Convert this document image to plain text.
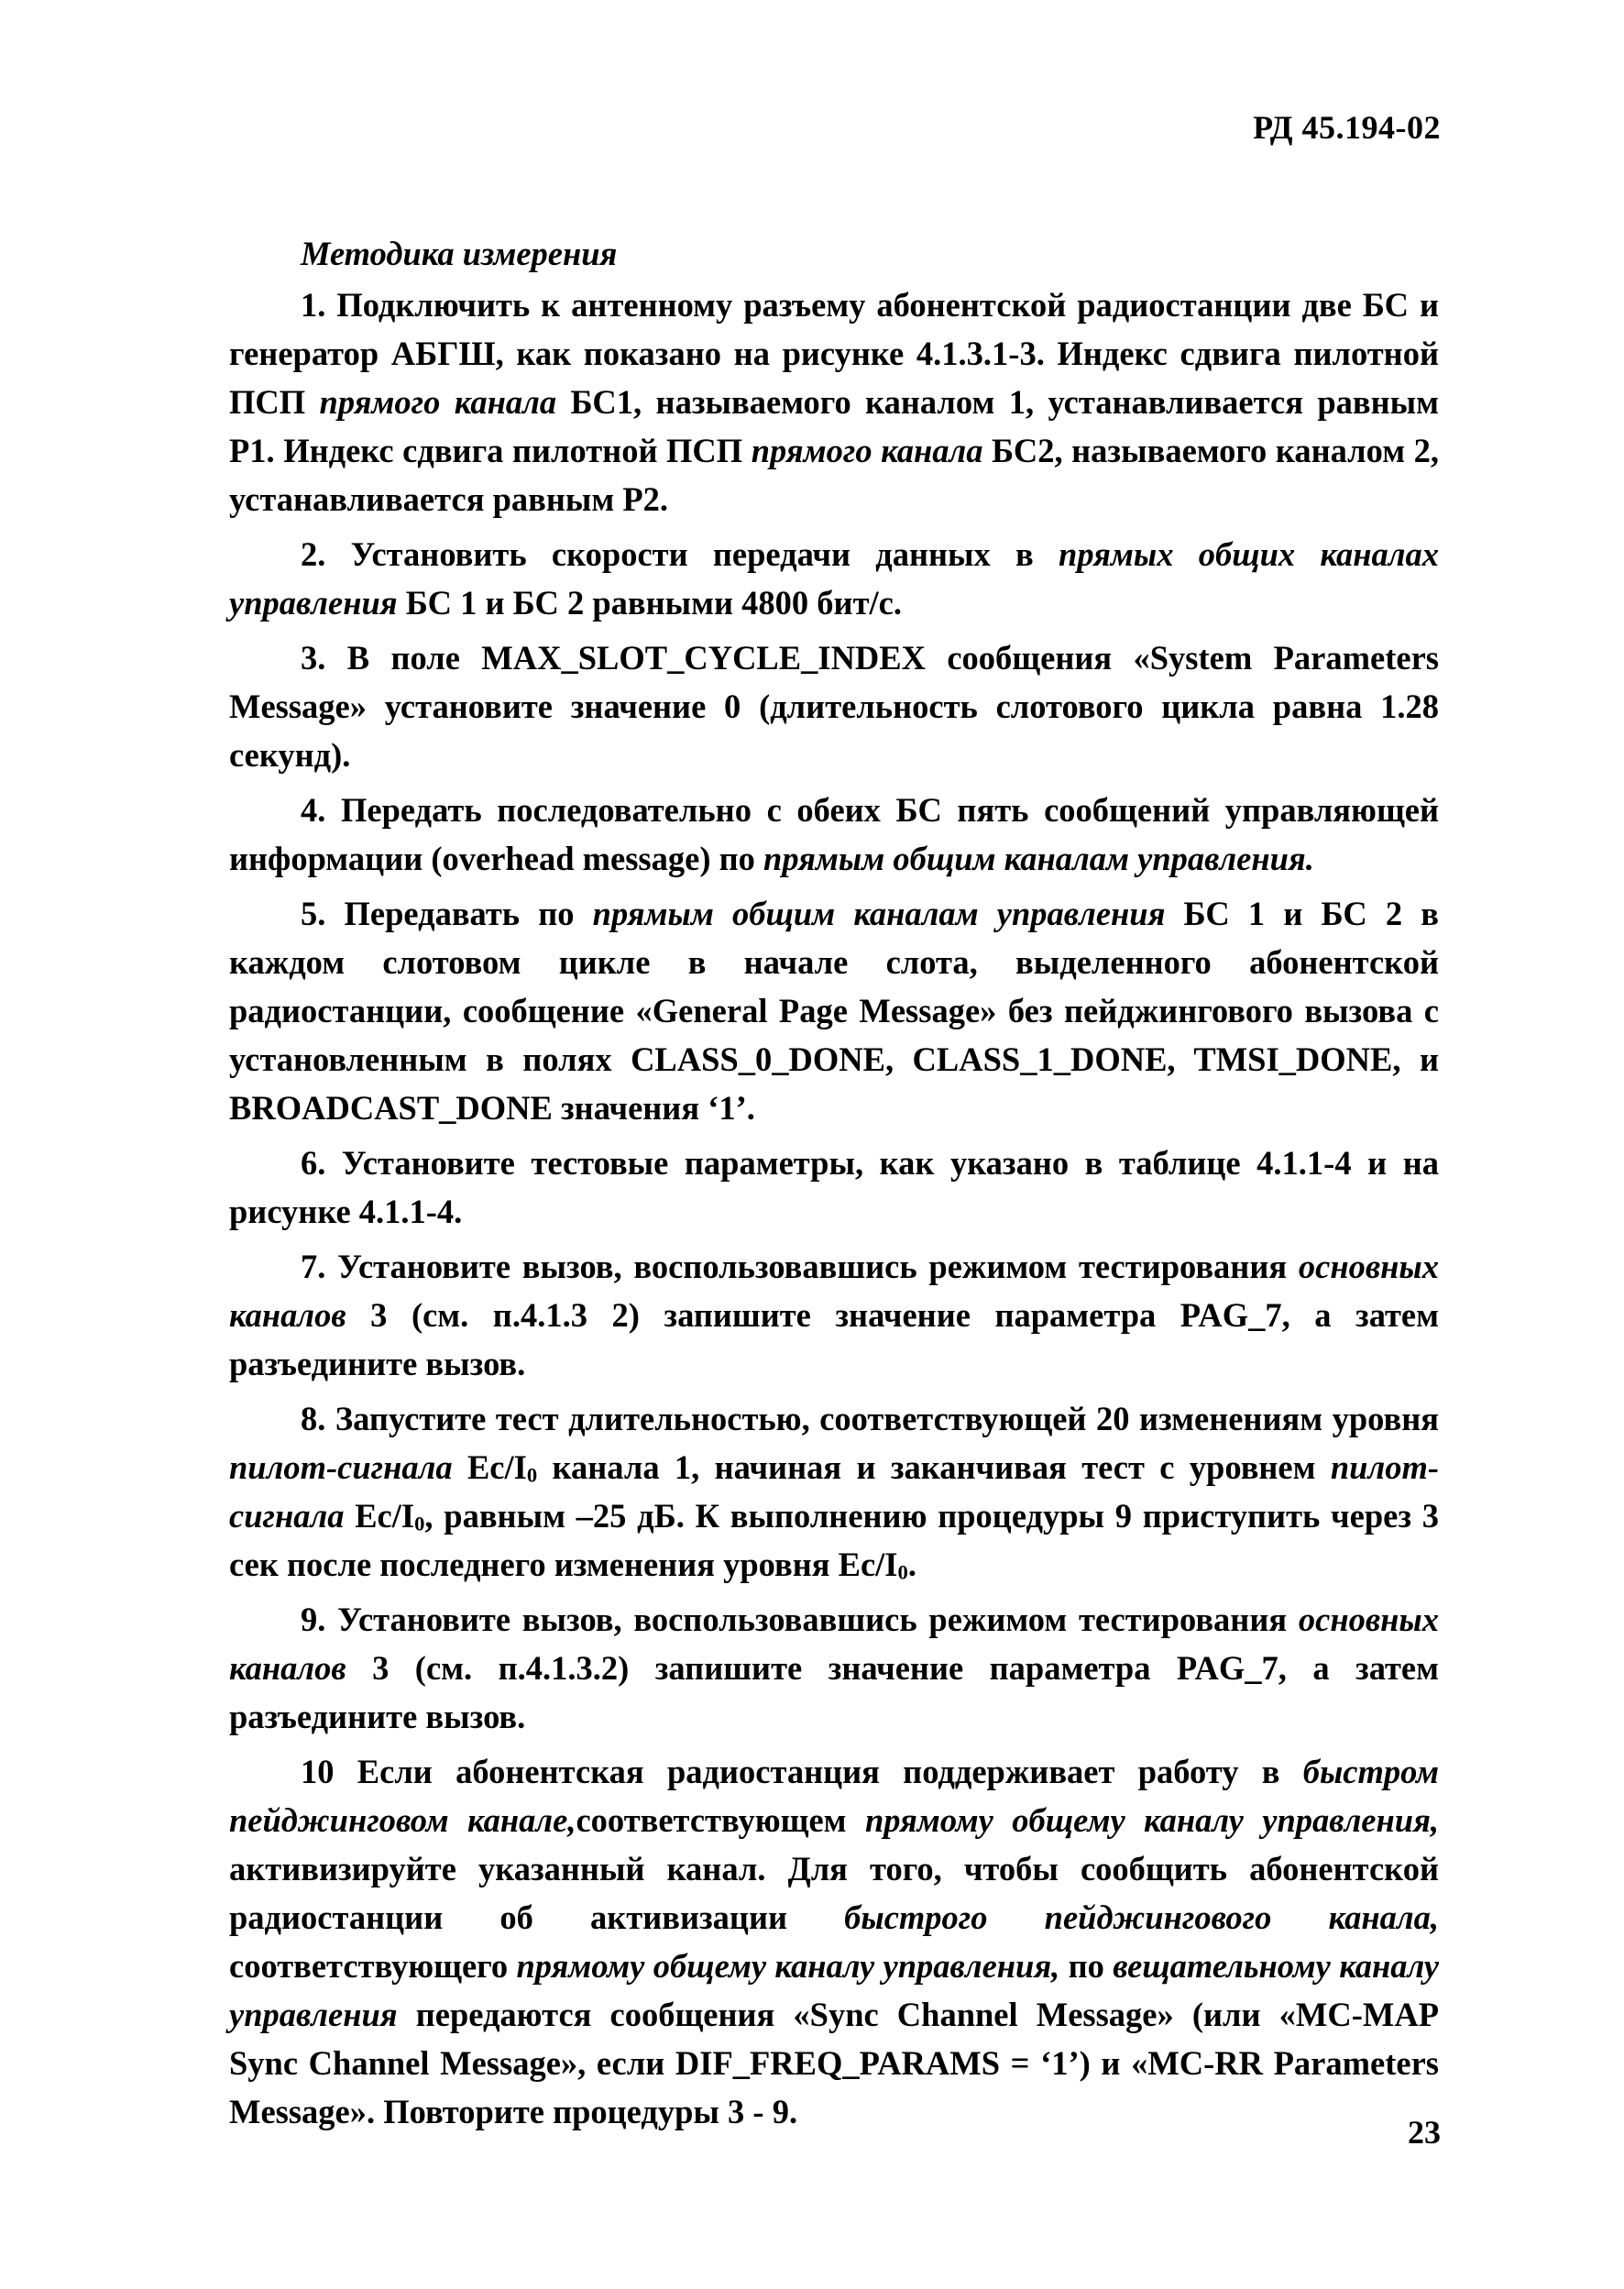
РД 45.194-02

Методика измерения

1. Подключить к антенному разъему абонентской радиостанции две БС и генератор АБГШ, как показано на рисунке 4.1.3.1-3. Индекс сдвига пилотной ПСП прямого канала БС1, называемого каналом 1, устанавливается равным P1. Индекс сдвига пилотной ПСП прямого канала БС2, называемого каналом 2, устанавливается равным P2.

2. Установить скорости передачи данных в прямых общих каналах управления БС 1 и БС 2 равными 4800 бит/с.

3. В поле MAX_SLOT_CYCLE_INDEX сообщения «System Parameters Message» установите значение 0 (длительность слотового цикла равна 1.28 секунд).

4. Передать последовательно с обеих БС пять сообщений управляющей информации (overhead message) по прямым общим каналам управления.

5. Передавать по прямым общим каналам управления БС 1 и БС 2 в каждом слотовом цикле в начале слота, выделенного абонентской радиостанции, сообщение «General Page Message» без пейджингового вызова с установленным в полях CLASS_0_DONE, CLASS_1_DONE, TMSI_DONE, и BROADCAST_DONE значения ‘1’.

6. Установите тестовые параметры, как указано в таблице 4.1.1-4 и на рисунке 4.1.1-4.

7. Установите вызов, воспользовавшись режимом тестирования основных каналов 3 (см. п.4.1.3 2) запишите значение параметра PAG_7, а затем разъедините вызов.

8. Запустите тест длительностью, соответствующей 20 изменениям уровня пилот-сигнала $Ec/I_0$ канала 1, начиная и заканчивая тест с уровнем пилот-сигнала $Ec/I_0$, равным –25 дБ. К выполнению процедуры 9 приступить через 3 сек после последнего изменения уровня $Ec/I_0$.

9. Установите вызов, воспользовавшись режимом тестирования основных каналов 3 (см. п.4.1.3.2) запишите значение параметра PAG_7, а затем разъедините вызов.

10 Если абонентская радиостанция поддерживает работу в быстром пейджинговом канале,соответствующем прямому общему каналу управления, активизируйте указанный канал. Для того, чтобы сообщить абонентской радиостанции об активизации быстрого пейджингового канала, соответствующего прямому общему каналу управления, по вещательному каналу управления передаются сообщения «Sync Channel Message» (или «MC-MAP Sync Channel Message», если DIF_FREQ_PARAMS = ‘1’) и «MC-RR Parameters Message». Повторите процедуры 3 - 9.

23
